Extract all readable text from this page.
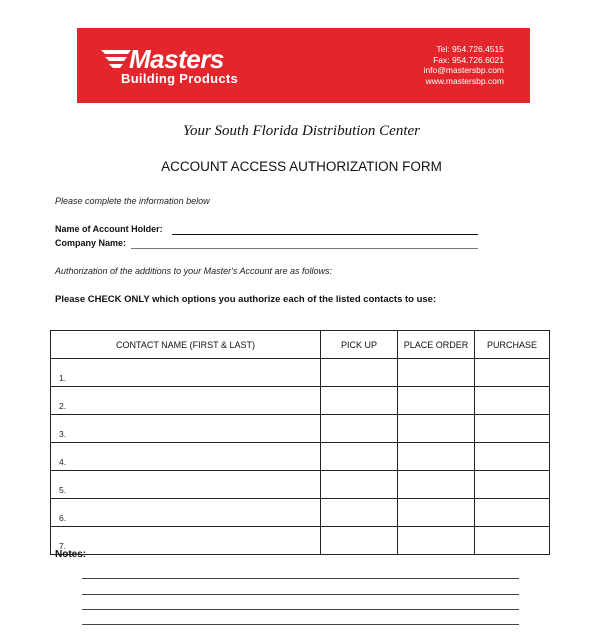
Masters
Building Products
Tel: 954.726.4515
Fax: 954.726.6021
info@mastersbp.com
www.mastersbp.com
Your South Florida Distribution Center
ACCOUNT ACCESS AUTHORIZATION FORM
Please complete the information below
Name of Account Holder:
Company Name:
Authorization of the additions to your Master's Account are as follows:
Please CHECK ONLY which options you authorize each of the listed contacts to use:
CONTACT NAME (FIRST & LAST)	PICK UP	PLACE ORDER	PURCHASE
1.			
2.			
3.			
4.			
5.			
6.			
7.			
Notes:
